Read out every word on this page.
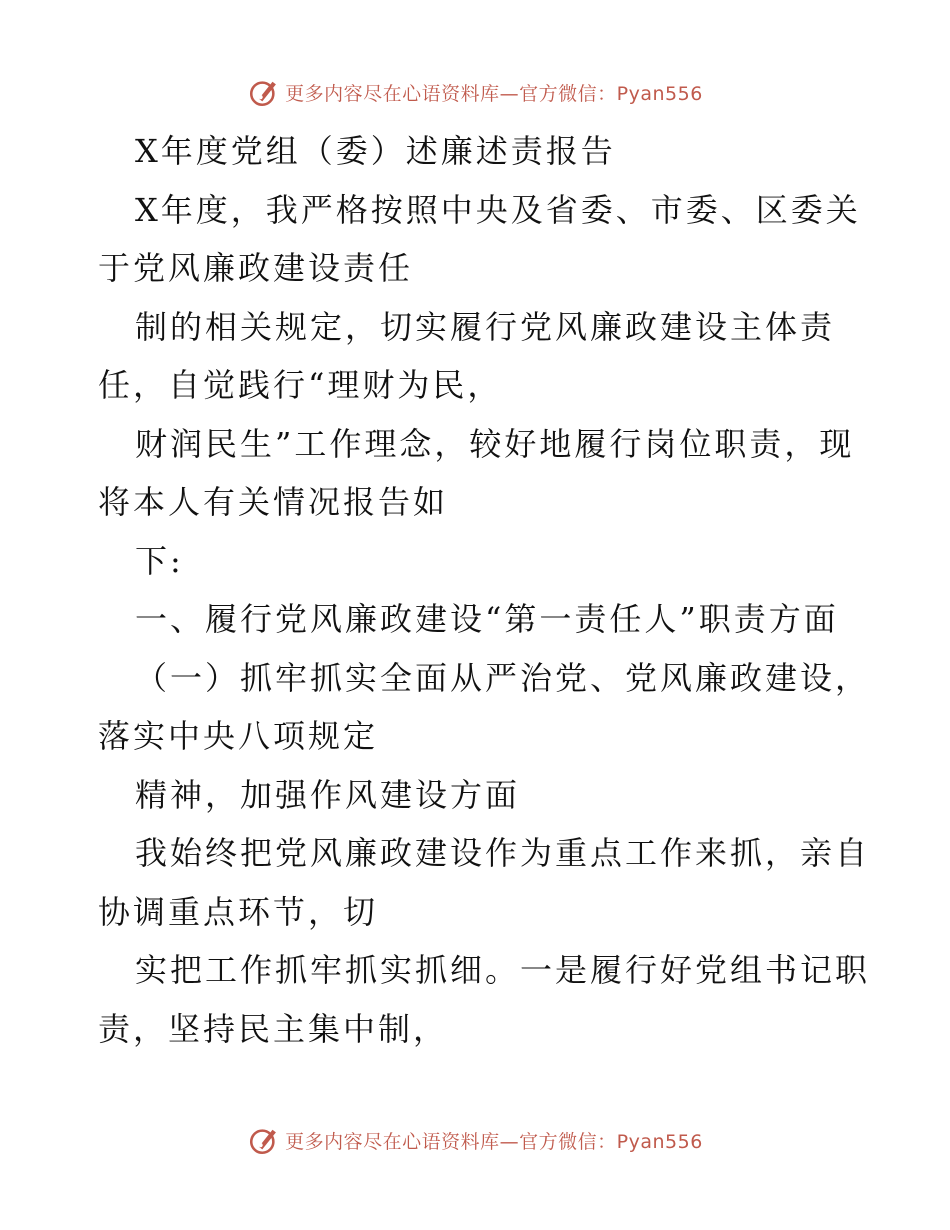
更多内容尽在心语资料库—官方微信：Pyan556
X年度党组（委）述廉述责报告
X年度，我严格按照中央及省委、市委、区委关
于党风廉政建设责任
制的相关规定，切实履行党风廉政建设主体责
任，自觉践行“理财为民，
财润民生”工作理念，较好地履行岗位职责，现
将本人有关情况报告如
下:
一、履行党风廉政建设“第一责任人”职责方面
（一）抓牢抓实全面从严治党、党风廉政建设，
落实中央八项规定
精神，加强作风建设方面
我始终把党风廉政建设作为重点工作来抓，亲自
协调重点环节，切
实把工作抓牢抓实抓细。一是履行好党组书记职
责，坚持民主集中制，
更多内容尽在心语资料库—官方微信：Pyan556
